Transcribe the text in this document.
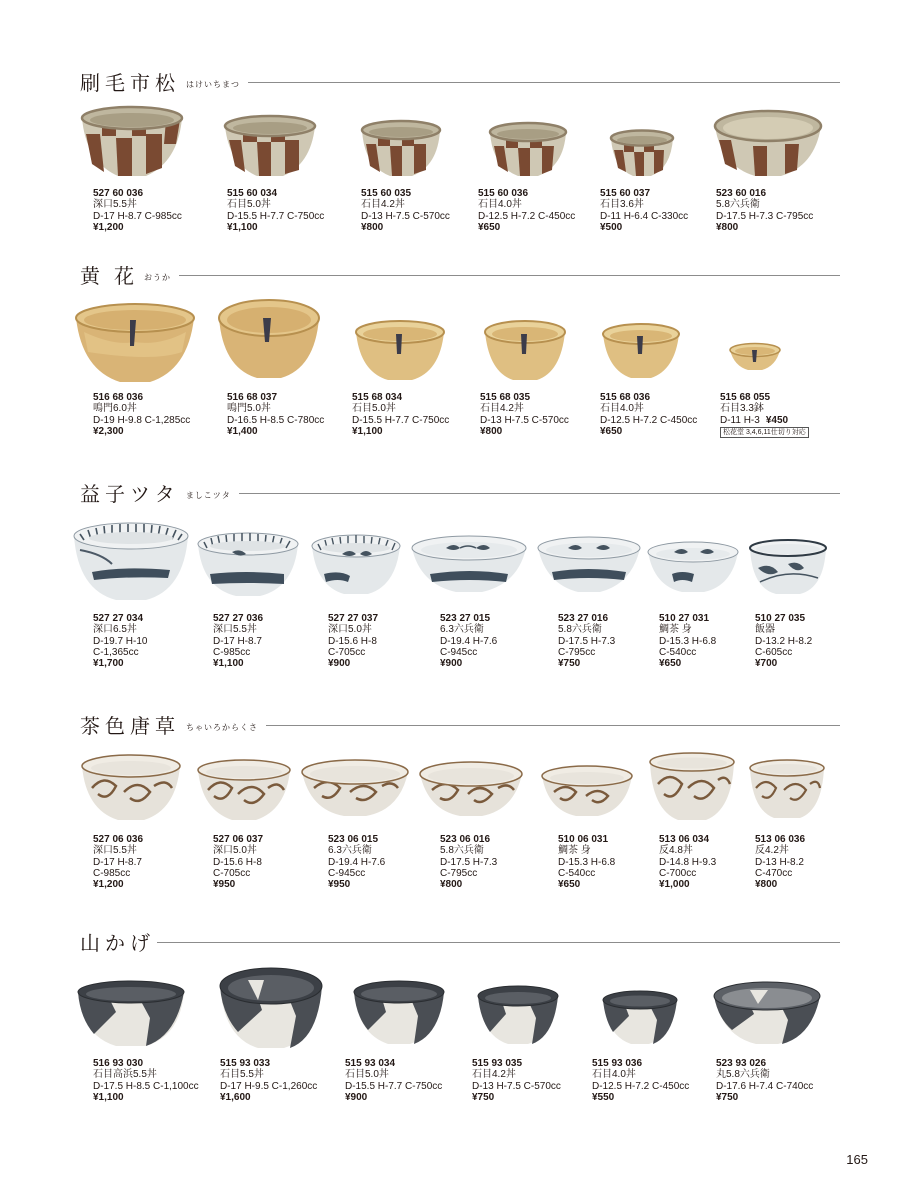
刷毛市松 はけいちまつ
黄花
おうか
益子ツタ ましこツタ
茶色唐草 ちゃいろからくさ
山かげ
527 60 036
深口5.5丼
D-17 H-8.7 C-985cc
¥1,200
515 60 034
石目5.0丼
D-15.5 H-7.7 C-750cc
¥1,100
515 60 035
石目4.2丼
D-13 H-7.5 C-570cc
¥800
515 60 036
石目4.0丼
D-12.5 H-7.2 C-450cc
¥650
515 60 037
石目3.6丼
D-11 H-6.4 C-330cc
¥500
523 60 016
5.8六兵衛
D-17.5 H-7.3 C-795cc
¥800
516 68 036
鳴門6.0丼
D-19 H-9.8 C-1,285cc
¥2,300
516 68 037
鳴門5.0丼
D-16.5 H-8.5 C-780cc
¥1,400
515 68 034
石目5.0丼
D-15.5 H-7.7 C-750cc
¥1,100
515 68 035
石目4.2丼
D-13 H-7.5 C-570cc
¥800
515 68 036
石目4.0丼
D-12.5 H-7.2 C-450cc
¥650
515 68 055
石目3.3鉢
D-11 H-3 ¥450
松花堂 3,4,6,11仕切り対応
527 27 034
深口6.5丼
D-19.7 H-10
C-1,365cc
¥1,700
527 27 036
深口5.5丼
D-17 H-8.7
C-985cc
¥1,100
527 27 037
深口5.0丼
D-15.6 H-8
C-705cc
¥900
523 27 015
6.3六兵衛
D-19.4 H-7.6
C-945cc
¥900
523 27 016
5.8六兵衛
D-17.5 H-7.3
C-795cc
¥750
510 27 031
鯛茶 身
D-15.3 H-6.8
C-540cc
¥650
510 27 035
飯器
D-13.2 H-8.2
C-605cc
¥700
527 06 036
深口5.5丼
D-17 H-8.7
C-985cc
¥1,200
527 06 037
深口5.0丼
D-15.6 H-8
C-705cc
¥950
523 06 015
6.3六兵衛
D-19.4 H-7.6
C-945cc
¥950
523 06 016
5.8六兵衛
D-17.5 H-7.3
C-795cc
¥800
510 06 031
鯛茶 身
D-15.3 H-6.8
C-540cc
¥650
513 06 034
反4.8丼
D-14.8 H-9.3
C-700cc
¥1,000
513 06 036
反4.2丼
D-13 H-8.2
C-470cc
¥800
516 93 030
石目高浜5.5丼
D-17.5 H-8.5 C-1,100cc
¥1,100
515 93 033
石目5.5丼
D-17 H-9.5 C-1,260cc
¥1,600
515 93 034
石目5.0丼
D-15.5 H-7.7 C-750cc
¥900
515 93 035
石目4.2丼
D-13 H-7.5 C-570cc
¥750
515 93 036
石目4.0丼
D-12.5 H-7.2 C-450cc
¥550
523 93 026
丸5.8六兵衛
D-17.6 H-7.4 C-740cc
¥750
165
